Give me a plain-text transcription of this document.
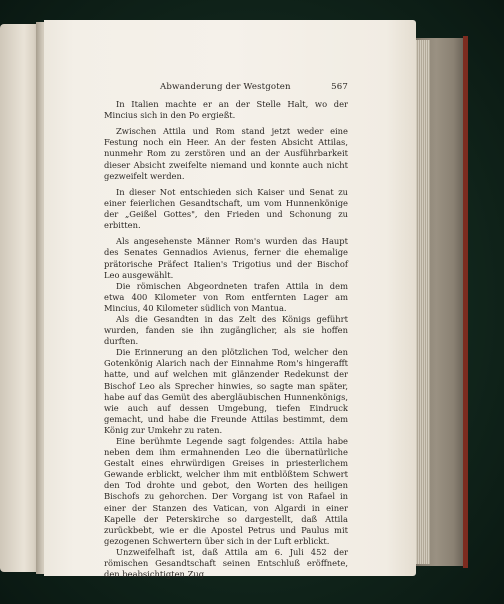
Abwanderung der Westgoten	567

In Italien machte er an der Stelle Halt, wo der Mincius sich in den Po ergießt.

Zwischen Attila und Rom stand jetzt weder eine Festung noch ein Heer. An der festen Absicht Attilas, nunmehr Rom zu zerstören und an der Ausführbarkeit dieser Absicht zweifelte niemand und konnte auch nicht gezweifelt werden.

In dieser Not entschieden sich Kaiser und Senat zu einer feierlichen Gesandtschaft, um vom Hunnenkönige der „Geißel Gottes", den Frieden und Schonung zu erbitten.

Als angesehenste Männer Rom's wurden das Haupt des Senates Gennadios Avienus, ferner die ehemalige prätorische Präfect Italien's Trigotius und der Bischof Leo ausgewählt.

Die römischen Abgeordneten trafen Attila in dem etwa 400 Kilometer von Rom entfernten Lager am Mincius, 40 Kilometer südlich von Mantua.

Als die Gesandten in das Zelt des Königs geführt wurden, fanden sie ihn zugänglicher, als sie hoffen durften.

Die Erinnerung an den plötzlichen Tod, welcher den Gotenkönig Alarich nach der Einnahme Rom's hingerafft hatte, und auf welchen mit glänzender Redekunst der Bischof Leo als Sprecher hinwies, so sagte man später, habe auf das Gemüt des abergläubischen Hunnenkönigs, wie auch auf dessen Umgebung, tiefen Eindruck gemacht, und habe die Freunde Attilas bestimmt, dem König zur Umkehr zu raten.

Eine berühmte Legende sagt folgendes: Attila habe neben dem ihm ermahnenden Leo die übernatürliche Gestalt eines ehrwürdigen Greises in priesterlichem Gewande erblickt, welcher ihm mit entblößtem Schwert den Tod drohte und gebot, den Worten des heiligen Bischofs zu gehorchen. Der Vorgang ist von Rafael in einer der Stanzen des Vatican, von Algardi in einer Kapelle der Peterskirche so dargestellt, daß Attila zurückbebt, wie er die Apostel Petrus und Paulus mit gezogenen Schwertern über sich in der Luft erblickt.

Unzweifelhaft ist, daß Attila am 6. Juli 452 der römischen Gesandtschaft seinen Entschluß eröffnete, den beabsichtigten Zug
